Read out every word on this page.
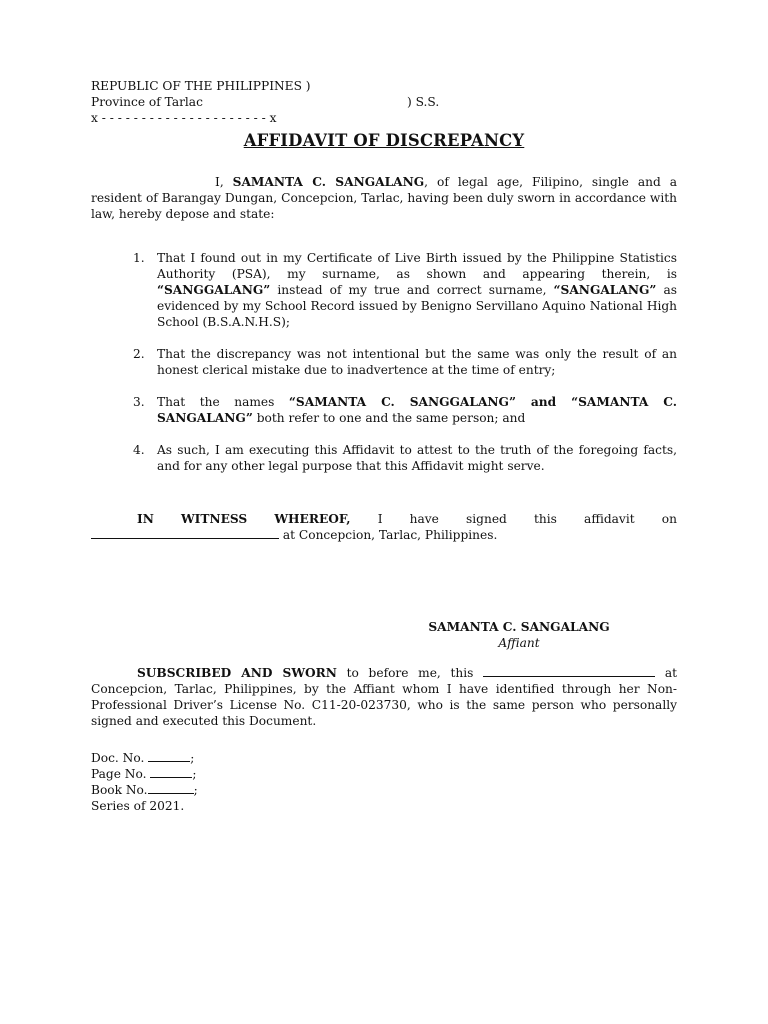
REPUBLIC OF THE PHILIPPINES )
Province of Tarlac	) S.S.
x - - - - - - - - - - - - - - - - - - - - - x
AFFIDAVIT OF DISCREPANCY
I, SAMANTA C. SANGALANG, of legal age, Filipino, single and a resident of Barangay Dungan, Concepcion, Tarlac, having been duly sworn in accordance with law, hereby depose and state:
1. That I found out in my Certificate of Live Birth issued by the Philippine Statistics Authority (PSA), my surname, as shown and appearing therein, is “SANGGALANG” instead of my true and correct surname, “SANGALANG” as evidenced by my School Record issued by Benigno Servillano Aquino National High School (B.S.A.N.H.S);
2. That the discrepancy was not intentional but the same was only the result of an honest clerical mistake due to inadvertence at the time of entry;
3. That the names “SAMANTA C. SANGGALANG” and “SAMANTA C. SANGALANG” both refer to one and the same person; and
4. As such, I am executing this Affidavit to attest to the truth of the foregoing facts, and for any other legal purpose that this Affidavit might serve.
IN WITNESS WHEREOF, I have signed this affidavit on
at Concepcion, Tarlac, Philippines.
SAMANTA C. SANGALANG
Affiant
SUBSCRIBED AND SWORN to before me, this	at Concepcion, Tarlac, Philippines, by the Affiant whom I have identified through her Non-Professional Driver’s License No. C11-20-023730, who is the same person who personally signed and executed this Document.
Doc. No.	;
Page No.	;
Book No.	;
Series of 2021.
